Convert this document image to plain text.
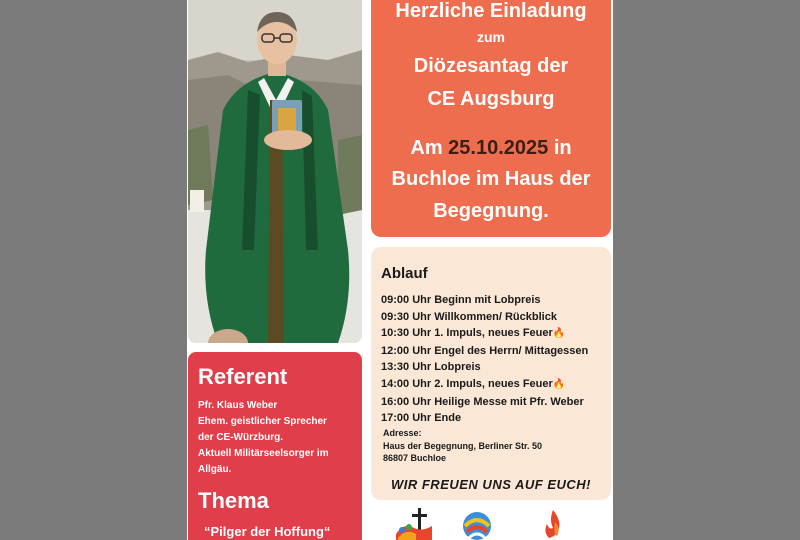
Herzliche Einladung
zum
Diözesantag der
CE Augsburg
Am 25.10.2025 in
Buchloe im Haus der
Begegnung.
Ablauf
09:00 Uhr Beginn mit Lobpreis
09:30 Uhr Willkommen/ Rückblick
10:30 Uhr 1. Impuls, neues Feuer🔥
12:00 Uhr Engel des Herrn/ Mittagessen
13:30 Uhr Lobpreis
14:00 Uhr 2. Impuls, neues Feuer🔥
16:00 Uhr Heilige Messe mit Pfr. Weber
17:00 Uhr Ende
Adresse:
Haus der Begegnung, Berliner Str. 50
86807 Buchloe
WIR FREUEN UNS AUF EUCH!
Referent
Pfr. Klaus Weber
Ehem. geistlicher Sprecher
der CE-Würzburg.
Aktuell Militärseelsorger im
Allgäu.
Thema
“Pilger der Hoffung“
